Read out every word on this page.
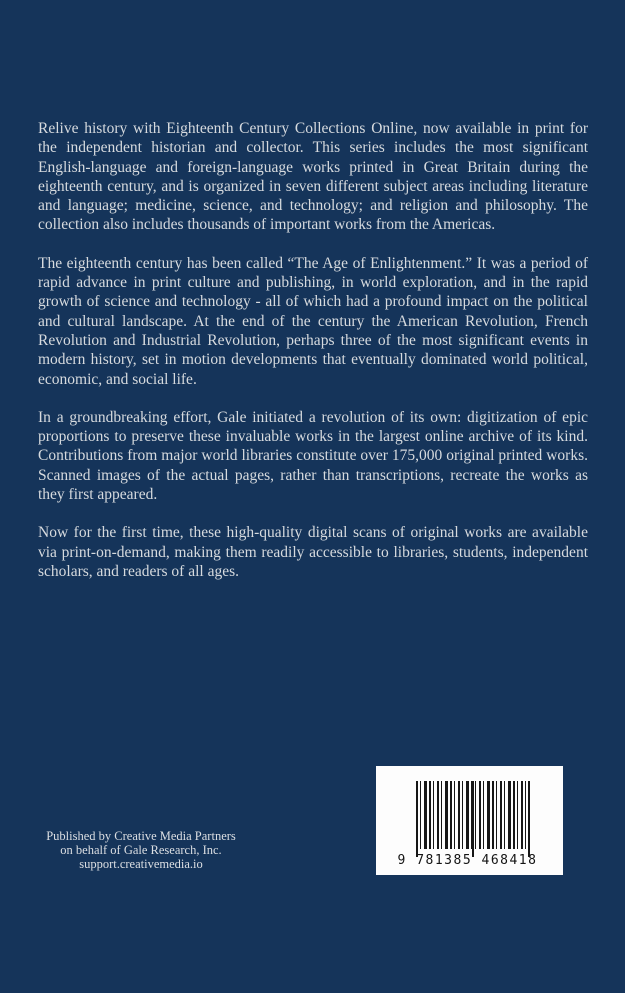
Relive history with Eighteenth Century Collections Online, now available in print for the independent historian and collector. This series includes the most significant English-language and foreign-language works printed in Great Britain during the eighteenth century, and is organized in seven different subject areas including literature and language; medicine, science, and technology; and religion and philosophy. The collection also includes thousands of important works from the Americas.

The eighteenth century has been called “The Age of Enlightenment.” It was a period of rapid advance in print culture and publishing, in world exploration, and in the rapid growth of science and technology - all of which had a profound impact on the political and cultural landscape. At the end of the century the American Revolution, French Revolution and Industrial Revolution, perhaps three of the most significant events in modern history, set in motion developments that eventually dominated world political, economic, and social life.

In a groundbreaking effort, Gale initiated a revolution of its own: digitization of epic proportions to preserve these invaluable works in the largest online archive of its kind. Contributions from major world libraries constitute over 175,000 original printed works. Scanned images of the actual pages, rather than transcriptions, recreate the works as they first appeared.

Now for the first time, these high-quality digital scans of original works are available via print-on-demand, making them readily accessible to libraries, students, independent scholars, and readers of all ages.

Published by Creative Media Partners
on behalf of Gale Research, Inc.
support.creativemedia.io	9 781385 468418
